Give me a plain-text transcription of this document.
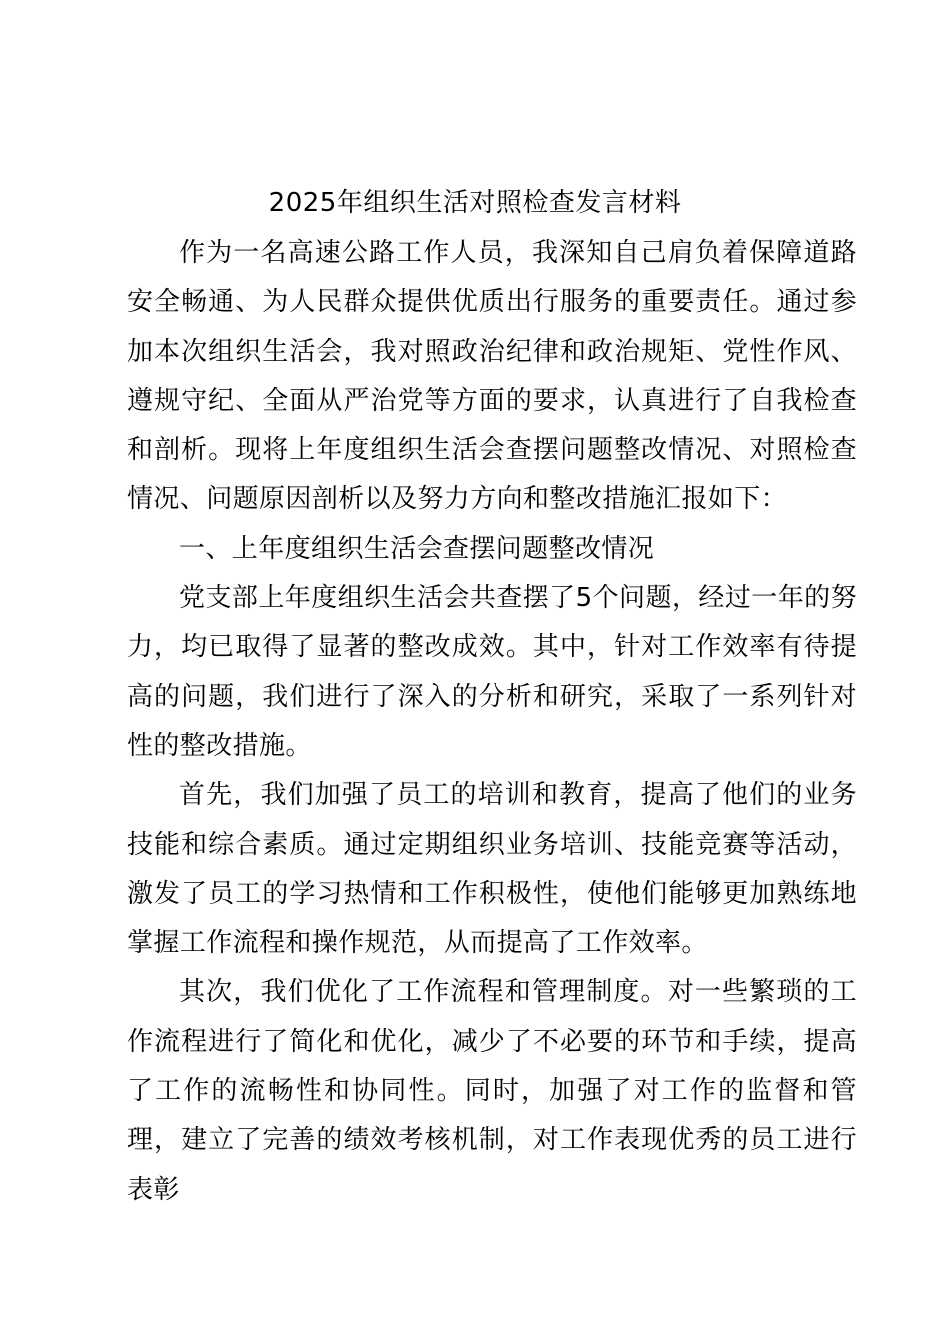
2025年组织生活对照检查发言材料

作为一名高速公路工作人员，我深知自己肩负着保障道路安全畅通、为人民群众提供优质出行服务的重要责任。通过参加本次组织生活会，我对照政治纪律和政治规矩、党性作风、遵规守纪、全面从严治党等方面的要求，认真进行了自我检查和剖析。现将上年度组织生活会查摆问题整改情况、对照检查情况、问题原因剖析以及努力方向和整改措施汇报如下：

一、上年度组织生活会查摆问题整改情况

党支部上年度组织生活会共查摆了5个问题，经过一年的努力，均已取得了显著的整改成效。其中，针对工作效率有待提高的问题，我们进行了深入的分析和研究，采取了一系列针对性的整改措施。

首先，我们加强了员工的培训和教育，提高了他们的业务技能和综合素质。通过定期组织业务培训、技能竞赛等活动，激发了员工的学习热情和工作积极性，使他们能够更加熟练地掌握工作流程和操作规范，从而提高了工作效率。

其次，我们优化了工作流程和管理制度。对一些繁琐的工作流程进行了简化和优化，减少了不必要的环节和手续，提高了工作的流畅性和协同性。同时，加强了对工作的监督和管理，建立了完善的绩效考核机制，对工作表现优秀的员工进行表彰
